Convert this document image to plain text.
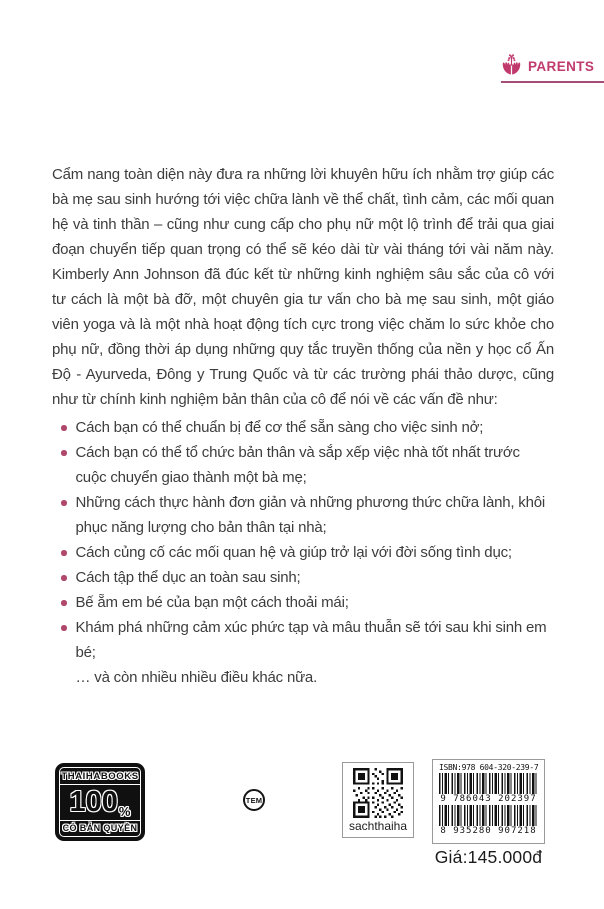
PARENTS
Cẩm nang toàn diện này đưa ra những lời khuyên hữu ích nhằm trợ giúp các bà mẹ sau sinh hướng tới việc chữa lành về thể chất, tình cảm, các mối quan hệ và tinh thần – cũng như cung cấp cho phụ nữ một lộ trình để trải qua giai đoạn chuyển tiếp quan trọng có thể sẽ kéo dài từ vài tháng tới vài năm này. Kimberly Ann Johnson đã đúc kết từ những kinh nghiệm sâu sắc của cô với tư cách là một bà đỡ, một chuyên gia tư vấn cho bà mẹ sau sinh, một giáo viên yoga và là một nhà hoạt động tích cực trong việc chăm lo sức khỏe cho phụ nữ, đồng thời áp dụng những quy tắc truyền thống của nền y học cổ Ấn Độ - Ayurveda, Đông y Trung Quốc và từ các trường phái thảo dược, cũng như từ chính kinh nghiệm bản thân của cô để nói về các vấn đề như:
Cách bạn có thể chuẩn bị để cơ thể sẵn sàng cho việc sinh nở;
Cách bạn có thể tổ chức bản thân và sắp xếp việc nhà tốt nhất trước cuộc chuyển giao thành một bà mẹ;
Những cách thực hành đơn giản và những phương thức chữa lành, khôi phục năng lượng cho bản thân tại nhà;
Cách củng cố các mối quan hệ và giúp trở lại với đời sống tình dục;
Cách tập thể dục an toàn sau sinh;
Bế ẵm em bé của bạn một cách thoải mái;
Khám phá những cảm xúc phức tạp và mâu thuẫn sẽ tới sau khi sinh em bé;
… và còn nhiều nhiều điều khác nữa.
THAIHABOOKS
100 %
CÓ BẢN QUYỀN
TEM
sachthaiha
ISBN:978 604-320-239-7
9 786043 202397
8 935280 907218
Giá:145.000đ
